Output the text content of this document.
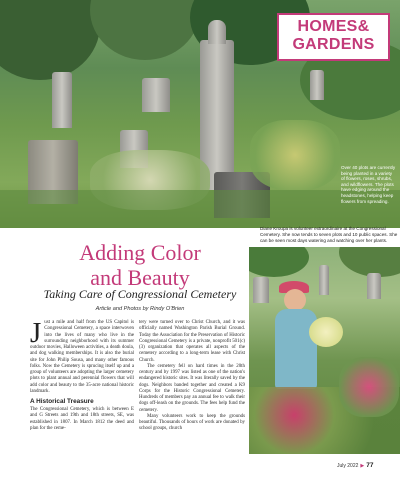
HOMES&
GARDENS
Over 40 plots are currently being planted in a variety of flowers, roses, shrubs, and wildflowers. The plots have edging around the headstones, helping keep flowers from spreading.
Diane Kroupa is volunteer extraordinaire at the Congressional Cemetery. She now tends to seven plots and 10 public spaces. She can be seen most days watering and watching over her plants.
Adding Color
and Beauty
Taking Care of Congressional Cemetery
Article and Photos by Rindy O'Brien

Just a mile and half from the US Capitol is Congressional Cemetery, a space interwoven into the lives of many who live in the surrounding neighborhood with its summer outdoor movies, Halloween activities, a death doula, and dog walking memberships. It is also the burial site for John Philip Sousa, and many other famous folks. Now the Cemetery is sprucing itself up and a group of volunteers are adopting the larger cemetery plots to plant annual and perennial flowers that will add color and beauty to the 35-acre national historic landmark.

A Historical Treasure

The Congressional Cemetery, which is between E and G Streets and 19th and 18th streets, SE, was established in 1807. In March 1812 the deed and plan for the ceme-

tery were turned over to Christ Church, and it was officially named Washington Parish Burial Ground. Today the Association for the Preservation of Historic Congressional Cemetery is a private, nonprofit 501(c)(3) organization that operates all aspects of the cemetery according to a long-term lease with Christ Church.

The cemetery fell on hard times in the 20th century and by 1997 was listed as one of the nation's endangered historic sites. It was literally saved by the dogs. Neighbors banded together and created a K9 Corps for the Historic Congressional Cemetery. Hundreds of members pay an annual fee to walk their dogs off-leash on the grounds. The fees help fund the cemetery.

Many volunteers work to keep the grounds beautiful. Thousands of hours of work are donated by school groups, church

July 2022 ▶ 77
